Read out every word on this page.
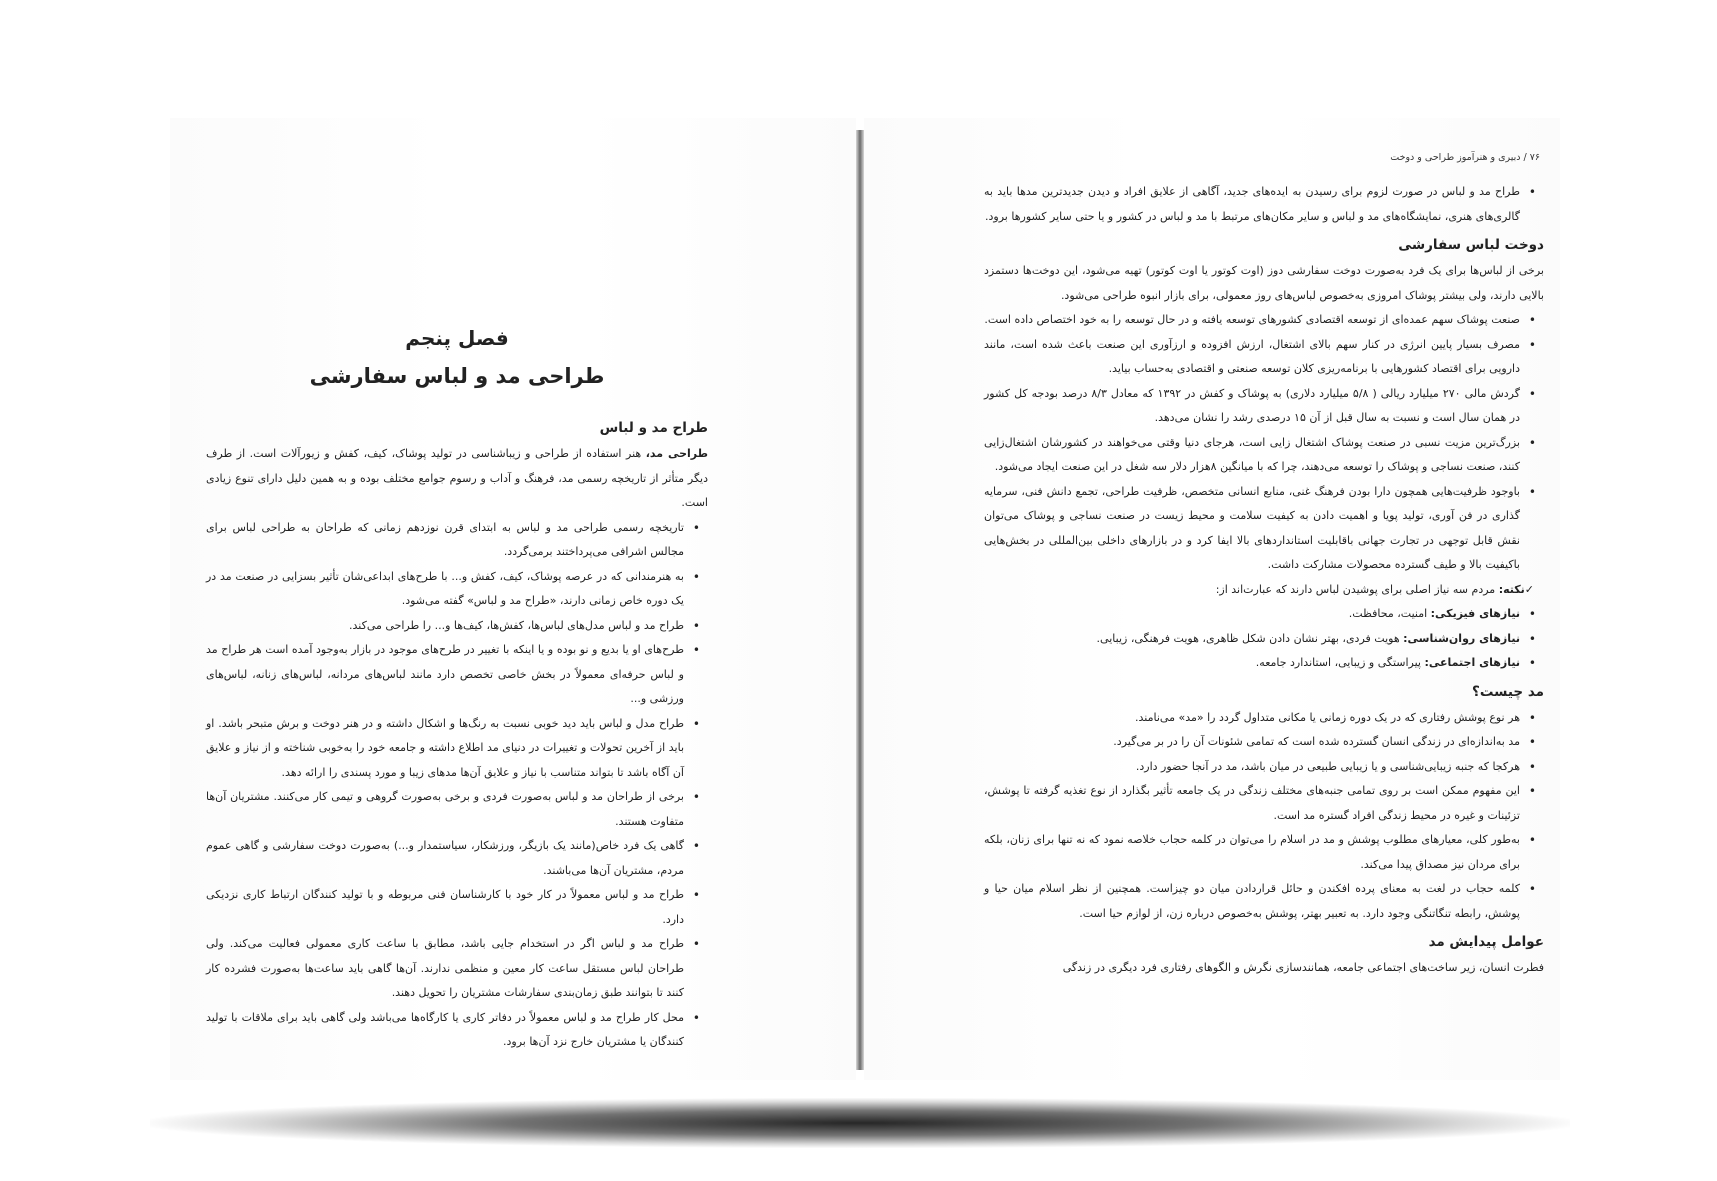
فصل پنجم
طراحی مد و لباس سفارشی
طراح مد و لباس

طراحی مد، هنر استفاده از طراحی و زیباشناسی در تولید پوشاک، کیف، کفش و زیورآلات است. از طرف دیگر متأثر از تاریخچه رسمی مد، فرهنگ و آداب و رسوم جوامع مختلف بوده و به همین دلیل دارای تنوع زیادی است.

• تاریخچه رسمی طراحی مد و لباس به ابتدای قرن نوزدهم زمانی که طراحان به طراحی لباس برای مجالس اشرافی می‌پرداختند برمی‌گردد.
• به هنرمندانی که در عرصه پوشاک، کیف، کفش و... با طرح‌های ابداعی‌شان تأثیر بسزایی در صنعت مد در یک دوره خاص زمانی دارند، «طراح مد و لباس» گفته می‌شود.
• طراح مد و لباس مدل‌های لباس‌ها، کفش‌ها، کیف‌ها و... را طراحی می‌کند.
• طرح‌های او یا بدیع و نو بوده و یا اینکه با تغییر در طرح‌های موجود در بازار به‌وجود آمده است هر طراح مد و لباس حرفه‌ای معمولاً در بخش خاصی تخصص دارد مانند لباس‌های مردانه، لباس‌های زنانه، لباس‌های ورزشی و...
• طراح مدل و لباس باید دید خوبی نسبت به رنگ‌ها و اشکال داشته و در هنر دوخت و برش متبحر باشد. او باید از آخرین تحولات و تغییرات در دنیای مد اطلاع داشته و جامعه خود را به‌خوبی شناخته و از نیاز و علایق آن آگاه باشد تا بتواند متناسب با نیاز و علایق آن‌ها مدهای زیبا و مورد پسندی را ارائه دهد.
• برخی از طراحان مد و لباس به‌صورت فردی و برخی به‌صورت گروهی و تیمی کار می‌کنند. مشتریان آن‌ها متفاوت هستند.
• گاهی یک فرد خاص(مانند یک بازیگر، ورزشکار، سیاستمدار و...) به‌صورت دوخت سفارشی و گاهی عموم مردم، مشتریان آن‌ها می‌باشند.
• طراح مد و لباس معمولاً در کار خود با کارشناسان فنی مربوطه و با تولید کنندگان ارتباط کاری نزدیکی دارد.
• طراح مد و لباس اگر در استخدام جایی باشد، مطابق با ساعت کاری معمولی فعالیت می‌کند. ولی طراحان لباس مستقل ساعت کار معین و منظمی ندارند. آن‌ها گاهی باید ساعت‌ها به‌صورت فشرده کار کنند تا بتوانند طبق زمان‌بندی سفارشات مشتریان را تحویل دهند.
• محل کار طراح مد و لباس معمولاً در دفاتر کاری یا کارگاه‌ها می‌باشد ولی گاهی باید برای ملاقات با تولید کنندگان یا مشتریان خارج نزد آن‌ها برود.
۷۶ / دبیری و هنرآموز طراحی و دوخت
• طراح مد و لباس در صورت لزوم برای رسیدن به ایده‌های جدید، آگاهی از علایق افراد و دیدن جدیدترین مدها باید به گالری‌های هنری، نمایشگاه‌های مد و لباس و سایر مکان‌های مرتبط با مد و لباس در کشور و یا حتی سایر کشورها برود.
دوخت لباس سفارشی

برخی از لباس‌ها برای یک فرد به‌صورت دوخت سفارشی دوز (اوت کوتور یا اوت کوتور) تهیه می‌شود، این دوخت‌ها دستمزد بالایی دارند، ولی بیشتر پوشاک امروزی به‌خصوص لباس‌های روز معمولی، برای بازار انبوه طراحی می‌شود.

• صنعت پوشاک سهم عمده‌ای از توسعه اقتصادی کشورهای توسعه یافته و در حال توسعه را به خود اختصاص داده است.
• مصرف بسیار پایین انرژی در کنار سهم بالای اشتغال، ارزش افزوده و ارزآوری این صنعت باعث شده است، مانند دارویی برای اقتصاد کشورهایی با برنامه‌ریزی کلان توسعه صنعتی و اقتصادی به‌حساب بیاید.
• گردش مالی ۲۷۰ میلیارد ریالی ( ۵/۸ میلیارد دلاری) به پوشاک و کفش در ۱۳۹۲ که معادل ۸/۳ درصد بودجه کل کشور در همان سال است و نسبت به سال قبل از آن ۱۵ درصدی رشد را نشان می‌دهد.
• بزرگ‌ترین مزیت نسبی در صنعت پوشاک اشتغال زایی است، هرجای دنیا وقتی می‌خواهند در کشورشان اشتغال‌زایی کنند، صنعت نساجی و پوشاک را توسعه می‌دهند، چرا که با میانگین ۸هزار دلار سه شغل در این صنعت ایجاد می‌شود.
• باوجود ظرفیت‌هایی همچون دارا بودن فرهنگ غنی، منابع انسانی متخصص، ظرفیت طراحی، تجمع دانش فنی، سرمایه گذاری در فن آوری، تولید پویا و اهمیت دادن به کیفیت سلامت و محیط زیست در صنعت نساجی و پوشاک می‌توان نقش قابل توجهی در تجارت جهانی باقابلیت استانداردهای بالا ایفا کرد و در بازارهای داخلی بین‌المللی در بخش‌هایی باکیفیت بالا و طیف گسترده محصولات مشارکت داشت.
✓نکته: مردم سه نیاز اصلی برای پوشیدن لباس دارند که عبارت‌اند از:
• نیازهای فیزیکی: امنیت، محافظت.
• نیازهای روان‌شناسی: هویت فردی، بهتر نشان دادن شکل ظاهری، هویت فرهنگی، زیبایی.
• نیازهای اجتماعی: پیراستگی و زیبایی، استاندارد جامعه.
مد چیست؟
• هر نوع پوشش رفتاری که در یک دوره زمانی یا مکانی متداول گردد را «مد» می‌نامند.
• مد به‌اندازه‌ای در زندگی انسان گسترده شده است که تمامی شئونات آن را در بر می‌گیرد.
• هرکجا که جنبه زیبایی‌شناسی و یا زیبایی طبیعی در میان باشد، مد در آنجا حضور دارد.
• این مفهوم ممکن است بر روی تمامی جنبه‌های مختلف زندگی در یک جامعه تأثیر بگذارد از نوع تغذیه گرفته تا پوشش، تزئینات و غیره در محیط زندگی افراد گستره مد است.
• به‌طور کلی، معیارهای مطلوب پوشش و مد در اسلام را می‌توان در کلمه حجاب خلاصه نمود که نه تنها برای زنان، بلکه برای مردان نیز مصداق پیدا می‌کند.
• کلمه حجاب در لغت به معنای پرده افکندن و حائل قراردادن میان دو چیزاست. همچنین از نظر اسلام میان حیا و پوشش، رابطه تنگاتنگی وجود دارد. به تعبیر بهتر، پوشش به‌خصوص درباره زن، از لوازم حیا است.
عوامل پیدایش مد

فطرت انسان، زیر ساخت‌های اجتماعی جامعه، همانندسازی نگرش و الگوهای رفتاری فرد دیگری در زندگی
